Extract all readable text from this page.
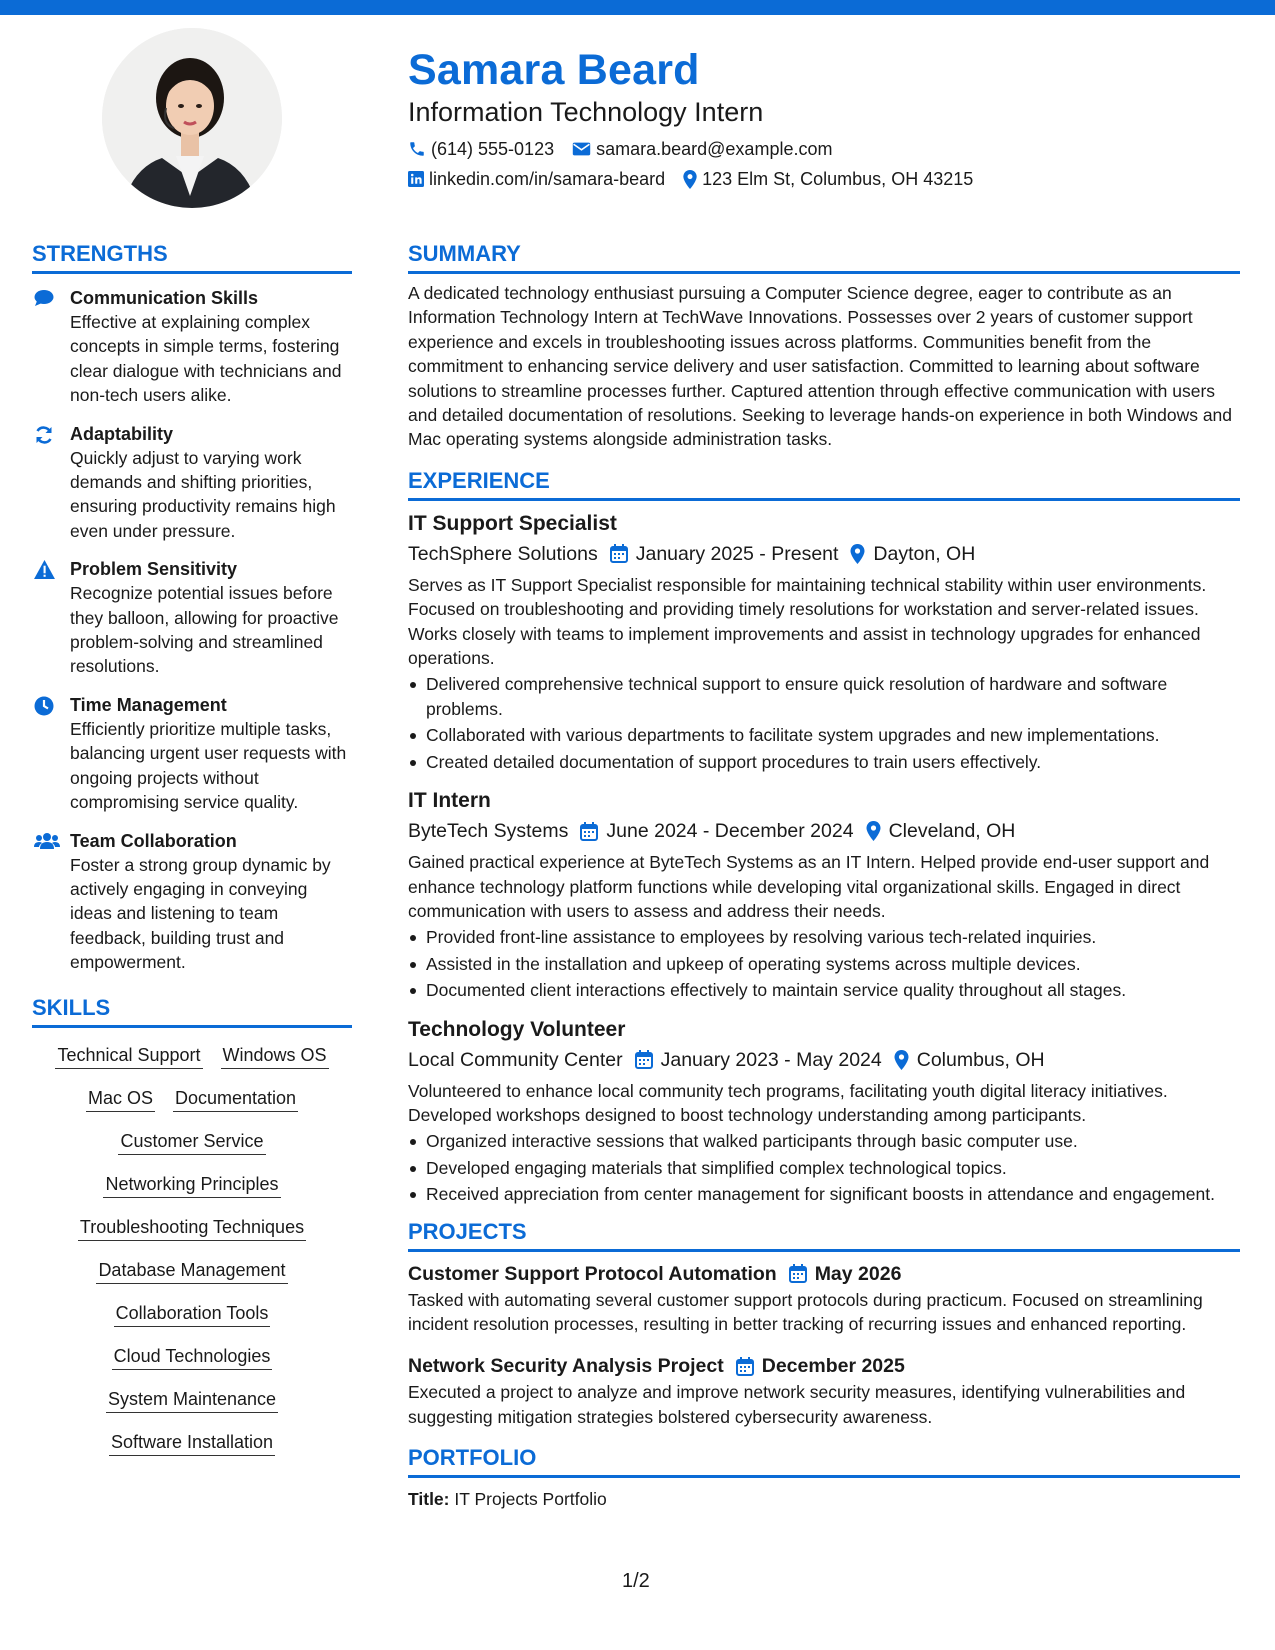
Samara Beard
Information Technology Intern
(614) 555-0123 samara.beard@example.com
linkedin.com/in/samara-beard 123 Elm St, Columbus, OH 43215
STRENGTHS
Communication Skills
Effective at explaining complex concepts in simple terms, fostering clear dialogue with technicians and non-tech users alike.
Adaptability
Quickly adjust to varying work demands and shifting priorities, ensuring productivity remains high even under pressure.
Problem Sensitivity
Recognize potential issues before they balloon, allowing for proactive problem-solving and streamlined resolutions.
Time Management
Efficiently prioritize multiple tasks, balancing urgent user requests with ongoing projects without compromising service quality.
Team Collaboration
Foster a strong group dynamic by actively engaging in conveying ideas and listening to team feedback, building trust and empowerment.
SKILLS
Technical Support Windows OS
Mac OS Documentation
Customer Service
Networking Principles
Troubleshooting Techniques
Database Management
Collaboration Tools
Cloud Technologies
System Maintenance
Software Installation
SUMMARY
A dedicated technology enthusiast pursuing a Computer Science degree, eager to contribute as an Information Technology Intern at TechWave Innovations. Possesses over 2 years of customer support experience and excels in troubleshooting issues across platforms. Communities benefit from the commitment to enhancing service delivery and user satisfaction. Committed to learning about software solutions to streamline processes further. Captured attention through effective communication with users and detailed documentation of resolutions. Seeking to leverage hands-on experience in both Windows and Mac operating systems alongside administration tasks.
EXPERIENCE
IT Support Specialist
TechSphere Solutions January 2025 - Present Dayton, OH
Serves as IT Support Specialist responsible for maintaining technical stability within user environments. Focused on troubleshooting and providing timely resolutions for workstation and server-related issues. Works closely with teams to implement improvements and assist in technology upgrades for enhanced operations.
Delivered comprehensive technical support to ensure quick resolution of hardware and software problems.
Collaborated with various departments to facilitate system upgrades and new implementations.
Created detailed documentation of support procedures to train users effectively.
IT Intern
ByteTech Systems June 2024 - December 2024 Cleveland, OH
Gained practical experience at ByteTech Systems as an IT Intern. Helped provide end-user support and enhance technology platform functions while developing vital organizational skills. Engaged in direct communication with users to assess and address their needs.
Provided front-line assistance to employees by resolving various tech-related inquiries.
Assisted in the installation and upkeep of operating systems across multiple devices.
Documented client interactions effectively to maintain service quality throughout all stages.
Technology Volunteer
Local Community Center January 2023 - May 2024 Columbus, OH
Volunteered to enhance local community tech programs, facilitating youth digital literacy initiatives. Developed workshops designed to boost technology understanding among participants.
Organized interactive sessions that walked participants through basic computer use.
Developed engaging materials that simplified complex technological topics.
Received appreciation from center management for significant boosts in attendance and engagement.
PROJECTS
Customer Support Protocol Automation May 2026
Tasked with automating several customer support protocols during practicum. Focused on streamlining incident resolution processes, resulting in better tracking of recurring issues and enhanced reporting.
Network Security Analysis Project December 2025
Executed a project to analyze and improve network security measures, identifying vulnerabilities and suggesting mitigation strategies bolstered cybersecurity awareness.
PORTFOLIO
Title: IT Projects Portfolio
1/2
